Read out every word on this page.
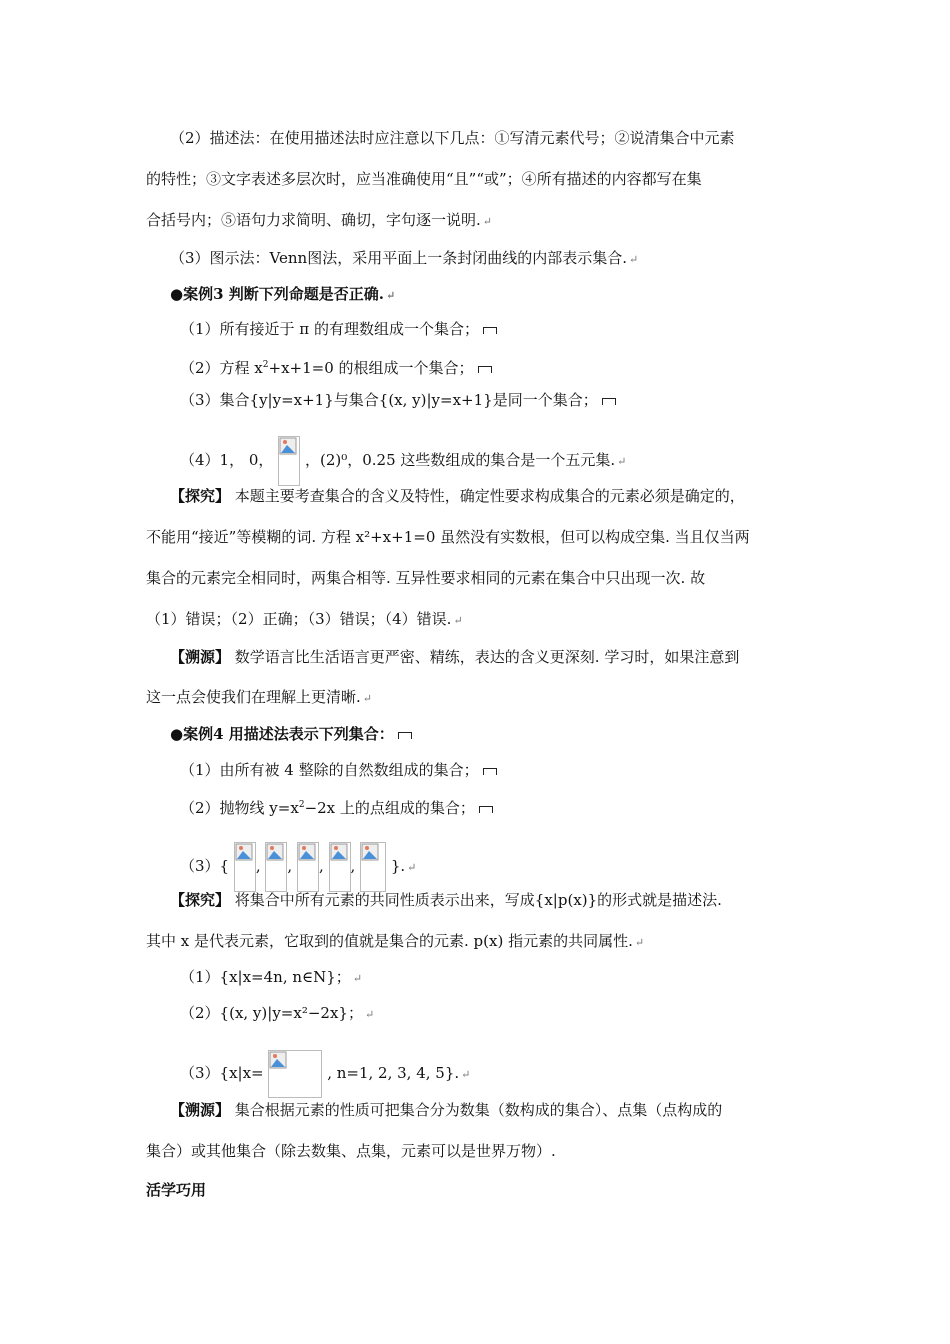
（2）描述法：在使用描述法时应注意以下几点：①写清元素代号；②说清集合中元素
的特性；③文字表述多层次时，应当准确使用“且”“或”；④所有描述的内容都写在集
合括号内；⑤语句力求简明、确切，字句逐一说明. ↵
（3）图示法：Venn图法，采用平面上一条封闭曲线的内部表示集合. ↵
●案例3 判断下列命题是否正确. ↵
（1）所有接近于 π 的有理数组成一个集合；
（2）方程 $x^2+x+1=0$ 的根组成一个集合；
（3）集合{y|y=x+1}与集合{(x, y)|y=x+1}是同一个集合；
（4）1， 0， ，(2)⁰，0.25 这些数组成的集合是一个五元集. ↵
【探究】 本题主要考查集合的含义及特性，确定性要求构成集合的元素必须是确定的，
不能用“接近”等模糊的词. 方程 x²+x+1=0 虽然没有实数根，但可以构成空集. 当且仅当两
集合的元素完全相同时，两集合相等. 互异性要求相同的元素在集合中只出现一次. 故
（1）错误；（2）正确；（3）错误；（4）错误. ↵
【溯源】 数学语言比生活语言更严密、精练，表达的含义更深刻. 学习时，如果注意到
这一点会使我们在理解上更清晰. ↵
●案例4 用描述法表示下列集合：
（1）由所有被 4 整除的自然数组成的集合；
（2）抛物线 $y=x^2-2x$ 上的点组成的集合；
（3）{ ,
,
,
,
}. ↵
【探究】 将集合中所有元素的共同性质表示出来，写成{x|p(x)}的形式就是描述法.
其中 x 是代表元素，它取到的值就是集合的元素. p(x) 指元素的共同属性. ↵
（1）{x|x=4n, n∈N}； ↵
（2）{(x, y)|y=x²−2x}； ↵
（3）{x|x=	, n=1, 2, 3, 4, 5}. ↵
【溯源】 集合根据元素的性质可把集合分为数集（数构成的集合）、点集（点构成的
集合）或其他集合（除去数集、点集，元素可以是世界万物）.
活学巧用
